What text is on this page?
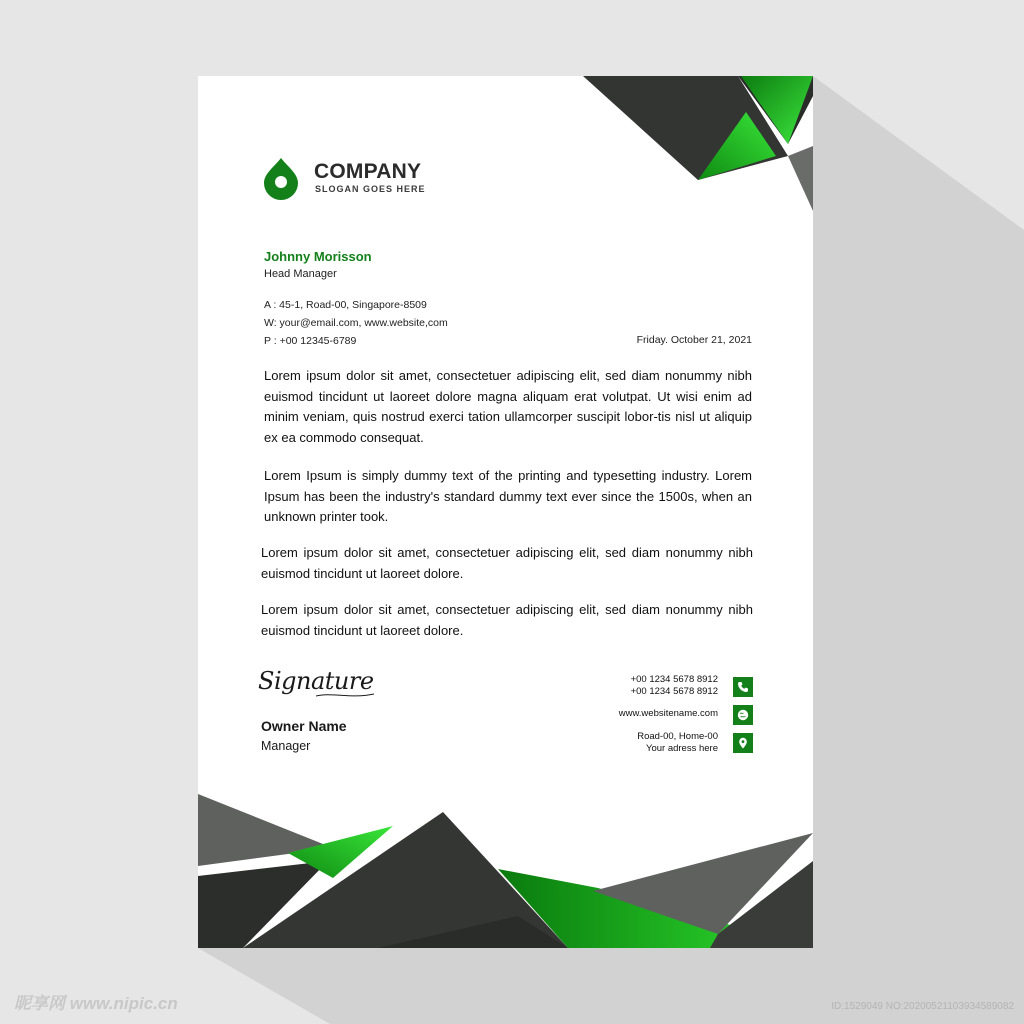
COMPANY
SLOGAN GOES HERE
Johnny Morisson
Head Manager
A : 45-1, Road-00, Singapore-8509
W: your@email.com, www.website,com
P : +00 12345-6789	Friday. October 21, 2021
Lorem ipsum dolor sit amet, consectetuer adipiscing elit, sed diam nonummy nibh euismod tincidunt ut laoreet dolore magna aliquam erat volutpat. Ut wisi enim ad minim veniam, quis nostrud exerci tation ullamcorper suscipit lobor-tis nisl ut aliquip ex ea commodo consequat.
Lorem Ipsum is simply dummy text of the printing and typesetting industry. Lorem Ipsum has been the industry's standard dummy text ever since the 1500s, when an unknown printer took.
Lorem ipsum dolor sit amet, consectetuer adipiscing elit, sed diam nonummy nibh euismod tincidunt ut laoreet dolore.
Lorem ipsum dolor sit amet, consectetuer adipiscing elit, sed diam nonummy nibh euismod tincidunt ut laoreet dolore.
Signature
Owner Name
Manager
+00 1234 5678 8912
+00 1234 5678 8912
www.websitename.com
Road-00, Home-00
Your adress here
昵享网 www.nipic.cn	ID:1529049 NO:20200521103934589082
